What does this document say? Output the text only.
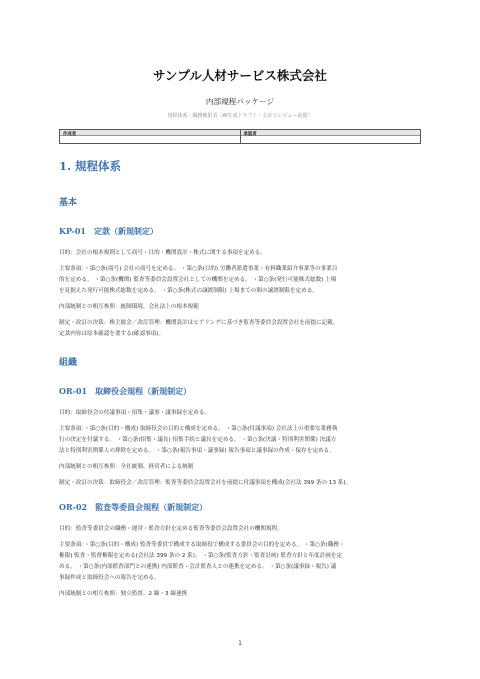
サンプル人材サービス株式会社
内部規程パッケージ
規程体系・職務権限表（AI生成ドラフト・会計士レビュー前提）
作成者	承認者
1. 規程体系
基本
KP-01　定款（新規制定）
目的：会社の根本規則として商号・目的・機関設計・株式に関する事項を定める。
主要条項：・第○条(商号) 会社の商号を定める。 ・第○条(目的) 労働者派遣事業・有料職業紹介事業等の事業目
的を定める。 ・第○条(機関) 監査等委員会設置会社としての機関を定める。 ・第○条(発行可能株式総数) 上場
を見据えた発行可能株式総数を定める。 ・第○条(株式の譲渡制限) 上場までの間の譲渡制限を定める。
内部統制との相互参照：統制環境、会社法上の根本規範
制定・改訂の決裁：株主総会／改訂管理：機関設計はヒアリングに基づき監査等委員会設置会社を前提に記載。
定款内容は原本確認を要する(確認事項)。
組織
OR-01　取締役会規程（新規制定）
目的：取締役会の付議事項・招集・議事・議事録を定める。
主要条項：・第○条(目的・構成) 取締役会の目的と構成を定める。 ・第○条(付議事項) 会社法上の重要な業務執
行の決定を付議する。 ・第○条(招集・議長) 招集手続と議長を定める。 ・第○条(決議・特別利害関係) 決議方
法と特別利害関係人の排除を定める。 ・第○条(報告事項・議事録) 報告事項と議事録の作成・保存を定める。
内部統制との相互参照：全社統制、経営者による統制
制定・改訂の決裁：取締役会／改訂管理：監査等委員会設置会社を前提に付議事項を構成(会社法 399 条の 13 系)。
OR-02　監査等委員会規程（新規制定）
目的：監査等委員会の職務・運営・監査方針を定める監査等委員会設置会社の機関規程。
主要条項：・第○条(目的・構成) 監査等委員で構成する取締役で構成する委員会の目的を定める。 ・第○条(職務・
権限) 監査・監督権限を定める(会社法 399 条の 2 系)。 ・第○条(監査方針・監査計画) 監査方針と年度計画を定
める。 ・第○条(内部監査部門との連携) 内部監査・会計監査人との連携を定める。 ・第○条(議事録・報告) 議
事録作成と取締役会への報告を定める。
内部統制との相互参照：独立監督、2 線・3 線連携
1
